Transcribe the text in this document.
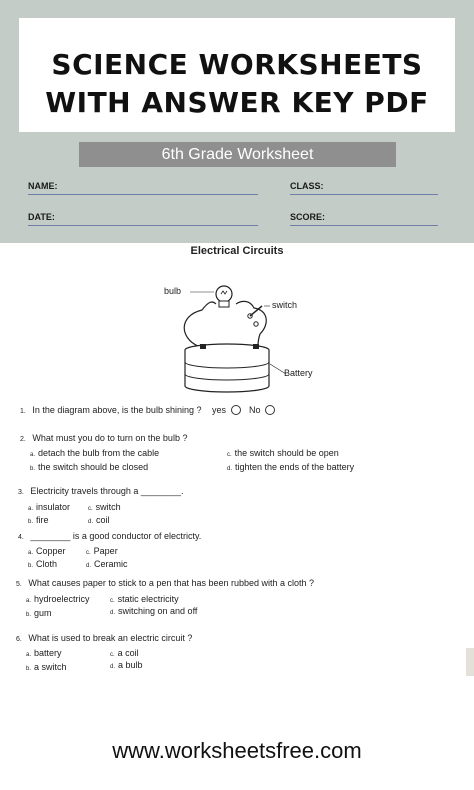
SCIENCE WORKSHEETS
WITH ANSWER KEY PDF
6th Grade Worksheet
NAME:	CLASS:
DATE:	SCORE:
Electrical Circuits
bulb
switch
Battery
1. In the diagram above, is the bulb shining ? yes	No
2. What must you do to turn on the bulb ?
a. detach the bulb from the cable	c. the switch should be open
b. the switch should be closed	d. tighten the ends of the battery
3. Electricity travels through a ________.
a. insulator	c. switch
b. fire	d. coil
4. ________ is a good conductor of electricty.
a. Copper	c. Paper
b. Cloth	d. Ceramic
5. What causes paper to stick to a pen that has been rubbed with a cloth ?
a. hydroelectricy	c. static electricity
b. gum	d. switching on and off
6. What is used to break an electric circuit ?
a. battery	c. a coil
b. a switch	d. a bulb
www.worksheetsfree.com
